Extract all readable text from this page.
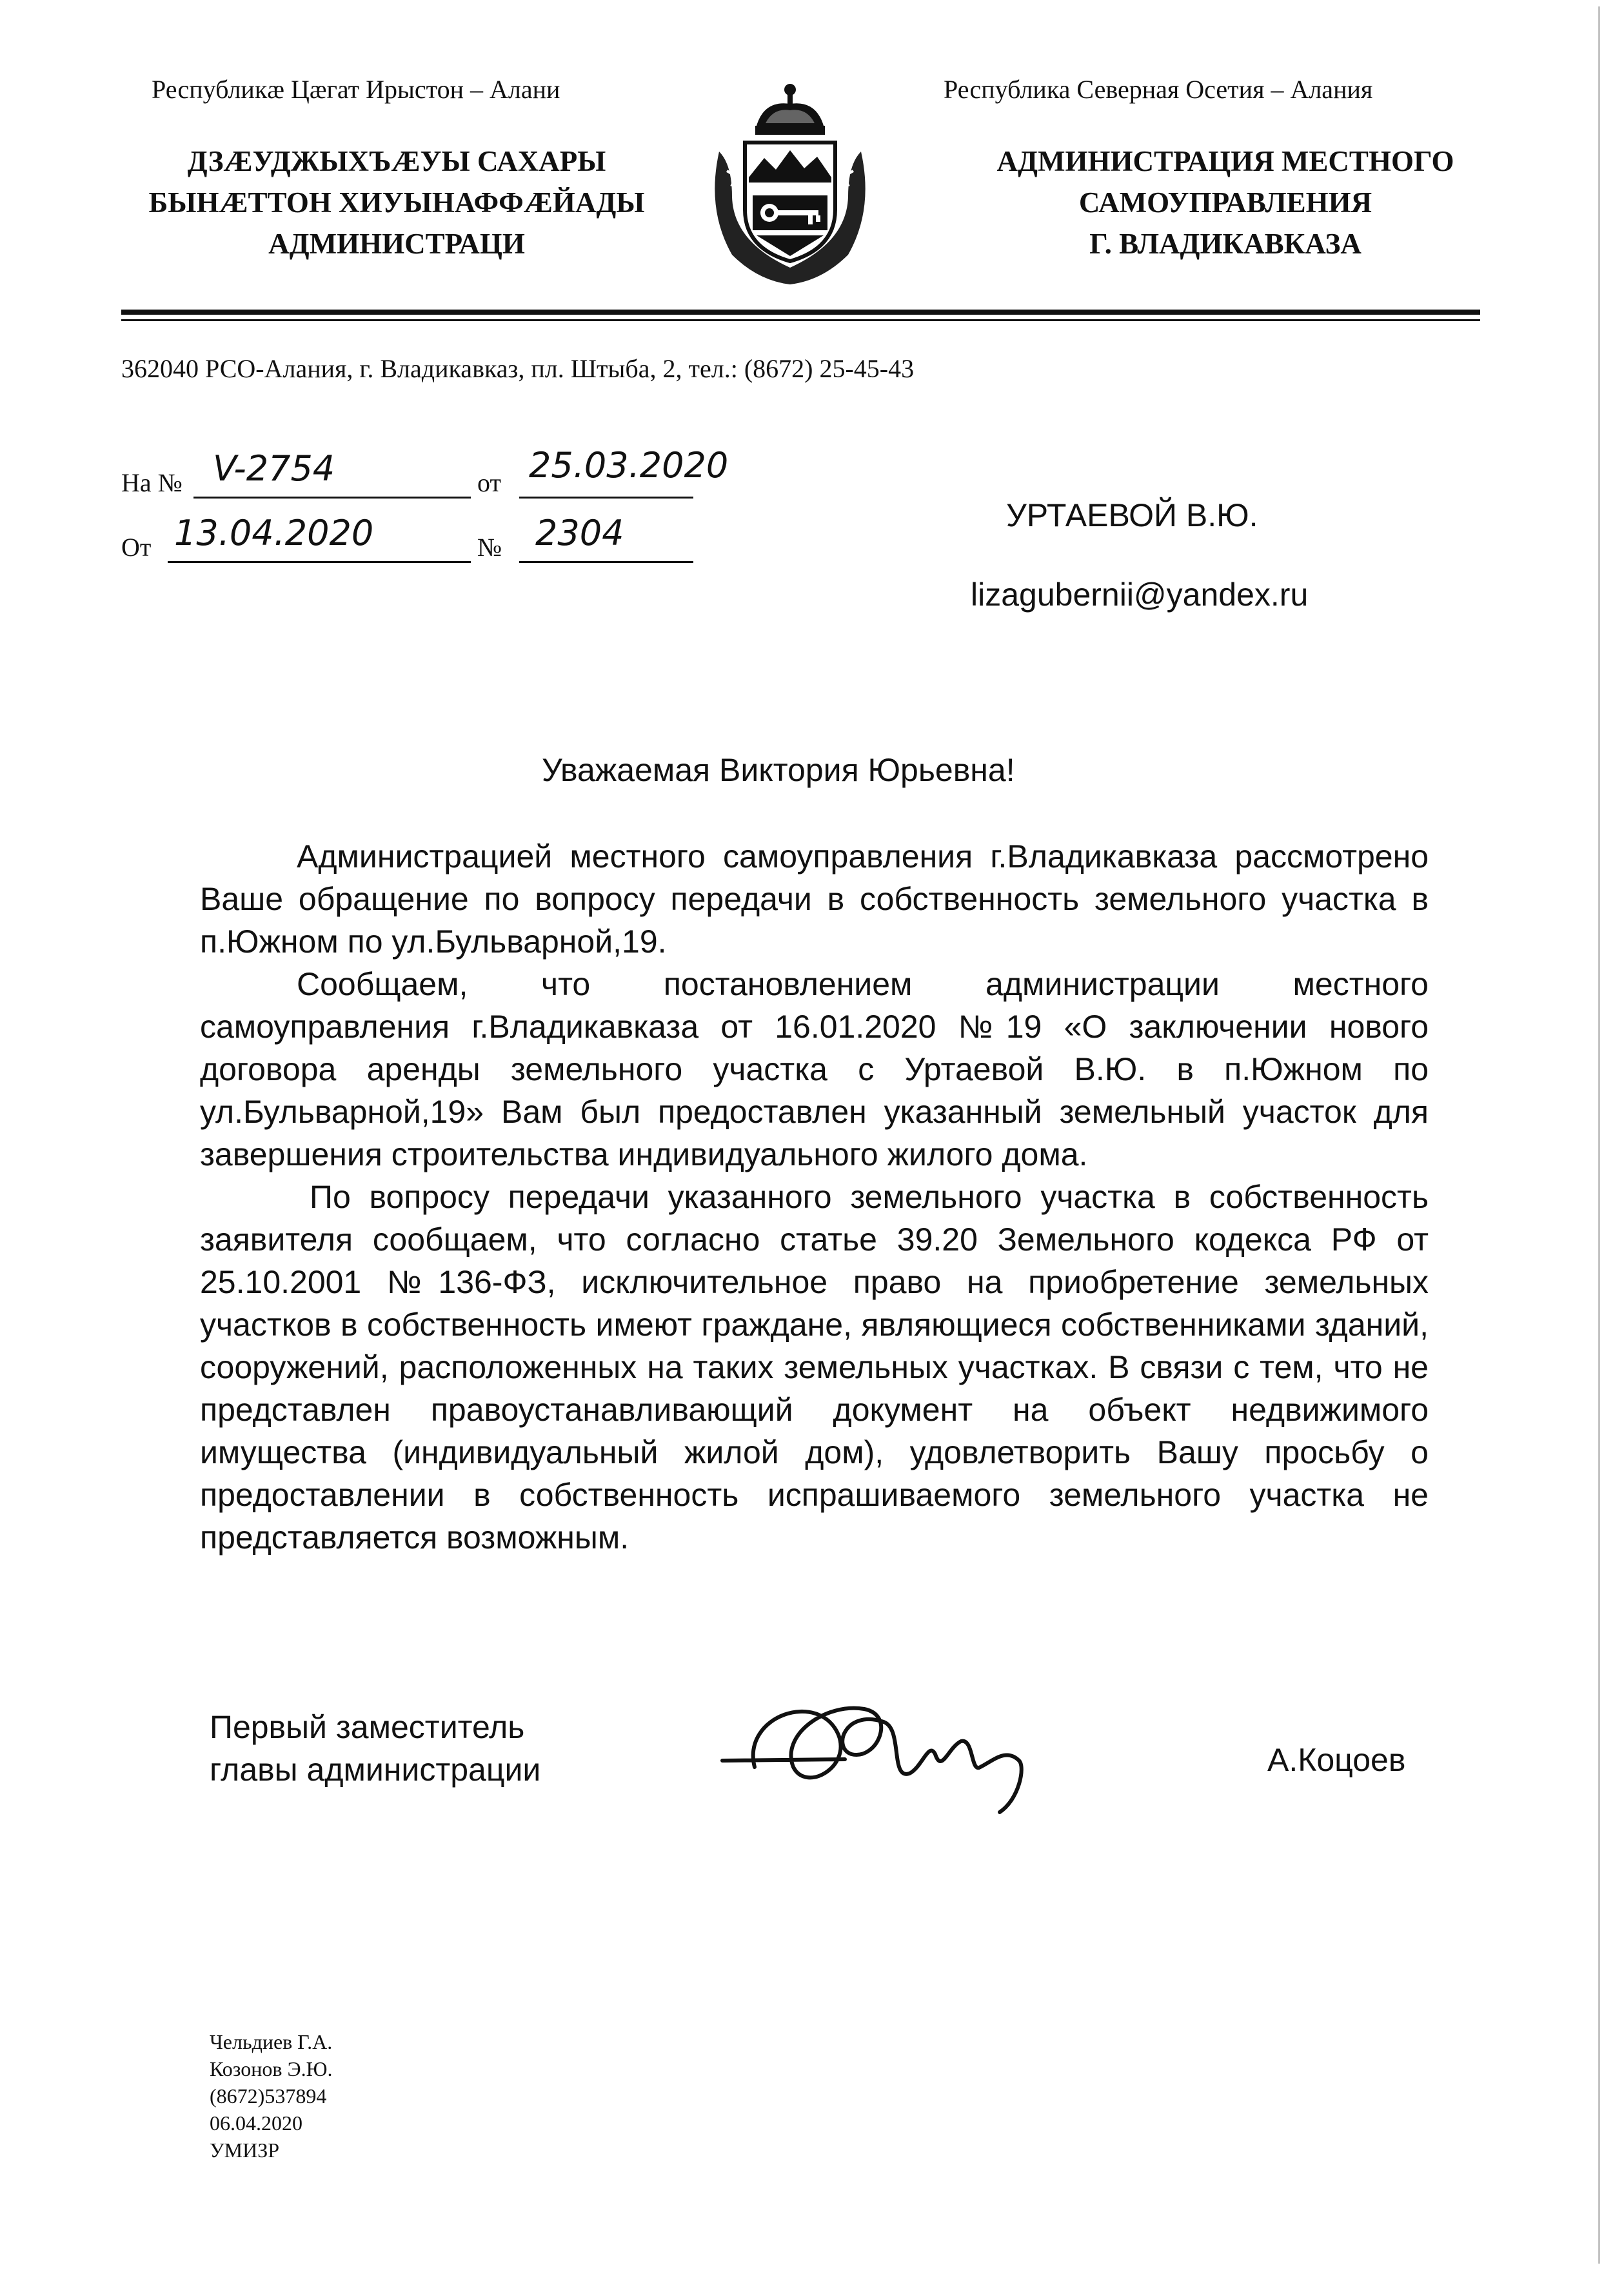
Республикæ Цæгат Ирыстон – Алани	Республика Северная Осетия – Алания
ДЗÆУДЖЫХЪÆУЫ САХАРЫ
БЫНÆТТОН ХИУЫНАФФÆЙАДЫ
АДМИНИСТРАЦИ
АДМИНИСТРАЦИЯ МЕСТНОГО
САМОУПРАВЛЕНИЯ
Г. ВЛАДИКАВКАЗА
362040 РСО-Алания, г. Владикавказ, пл. Штыба, 2, тел.: (8672) 25-45-43
На № V-2754	от 25.03.2020
От 13.04.2020	№ 2304	УРТАЕВОЙ В.Ю.
lizagubernii@yandex.ru
Уважаемая Виктория Юрьевна!

Администрацией местного самоуправления г.Владикавказа рассмотрено Ваше обращение по вопросу передачи в собственность земельного участка в п.Южном по ул.Бульварной,19.

Сообщаем, что постановлением администрации местного самоуправления г.Владикавказа от 16.01.2020 №19 «О заключении нового договора аренды земельного участка с Уртаевой В.Ю. в п.Южном по ул.Бульварной,19» Вам был предоставлен указанный земельный участок для завершения строительства индивидуального жилого дома.

По вопросу передачи указанного земельного участка в собственность заявителя сообщаем, что согласно статье 39.20 Земельного кодекса РФ от 25.10.2001 №136-ФЗ, исключительное право на приобретение земельных участков в собственность имеют граждане, являющиеся собственниками зданий, сооружений, расположенных на таких земельных участках. В связи с тем, что не представлен правоустанавливающий документ на объект недвижимого имущества (индивидуальный жилой дом), удовлетворить Вашу просьбу о предоставлении в собственность испрашиваемого земельного участка не представляется возможным.

Первый заместитель
главы администрации	А.Коцоев
Чельдиев Г.А.
Козонов Э.Ю.
(8672)537894
06.04.2020
УМИЗР
